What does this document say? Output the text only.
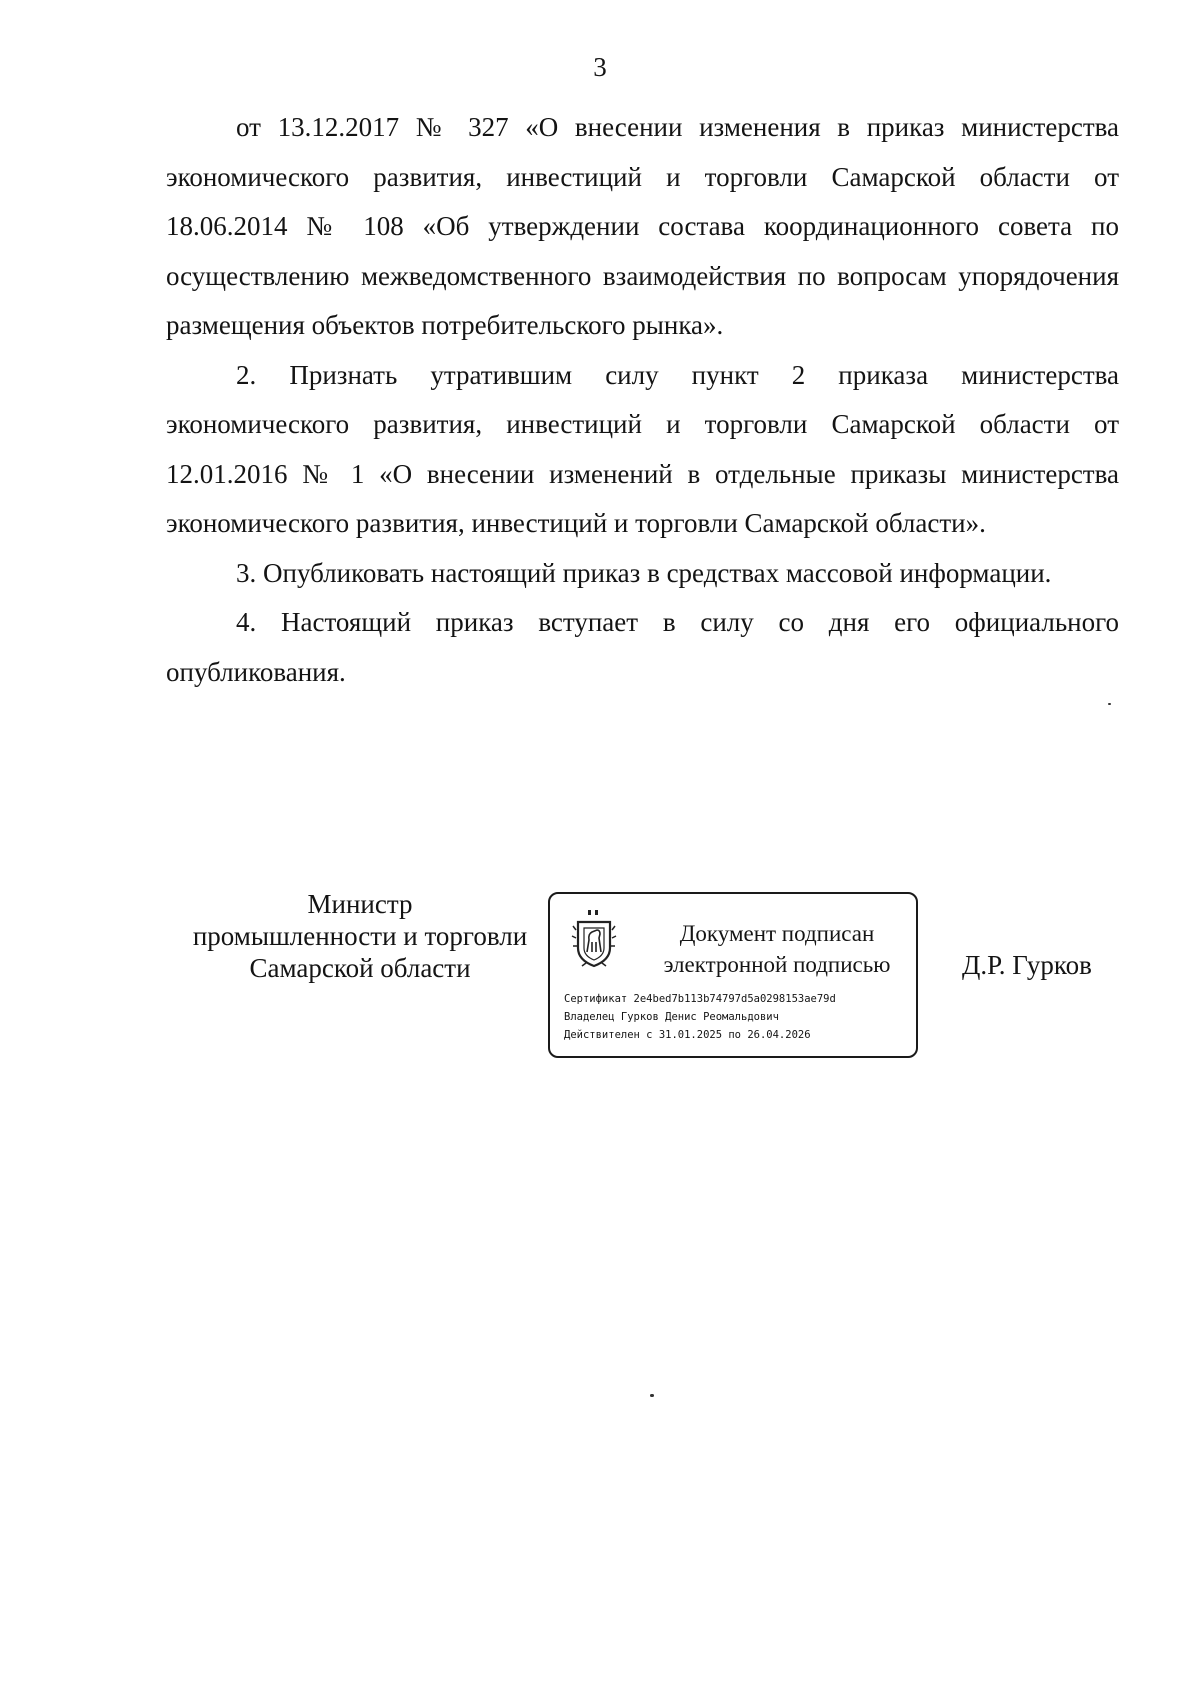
3

от 13.12.2017 № 327 «О внесении изменения в приказ министерства экономического развития, инвестиций и торговли Самарской области от 18.06.2014 № 108 «Об утверждении состава координационного совета по осуществлению межведомственного взаимодействия по вопросам упорядочения размещения объектов потребительского рынка».

2. Признать утратившим силу пункт 2 приказа министерства экономического развития, инвестиций и торговли Самарской области от 12.01.2016 № 1 «О внесении изменений в отдельные приказы министерства экономического развития, инвестиций и торговли Самарской области».

3. Опубликовать настоящий приказ в средствах массовой информации.

4. Настоящий приказ вступает в силу со дня его официального опубликования.

Министр
промышленности и торговли
Самарской области
Документ подписан
электронной подписью
Сертификат 2e4bed7b113b74797d5a0298153ae79d
Владелец Гурков Денис Реомальдович
Действителен с 31.01.2025 по 26.04.2026
Д.Р. Гурков
